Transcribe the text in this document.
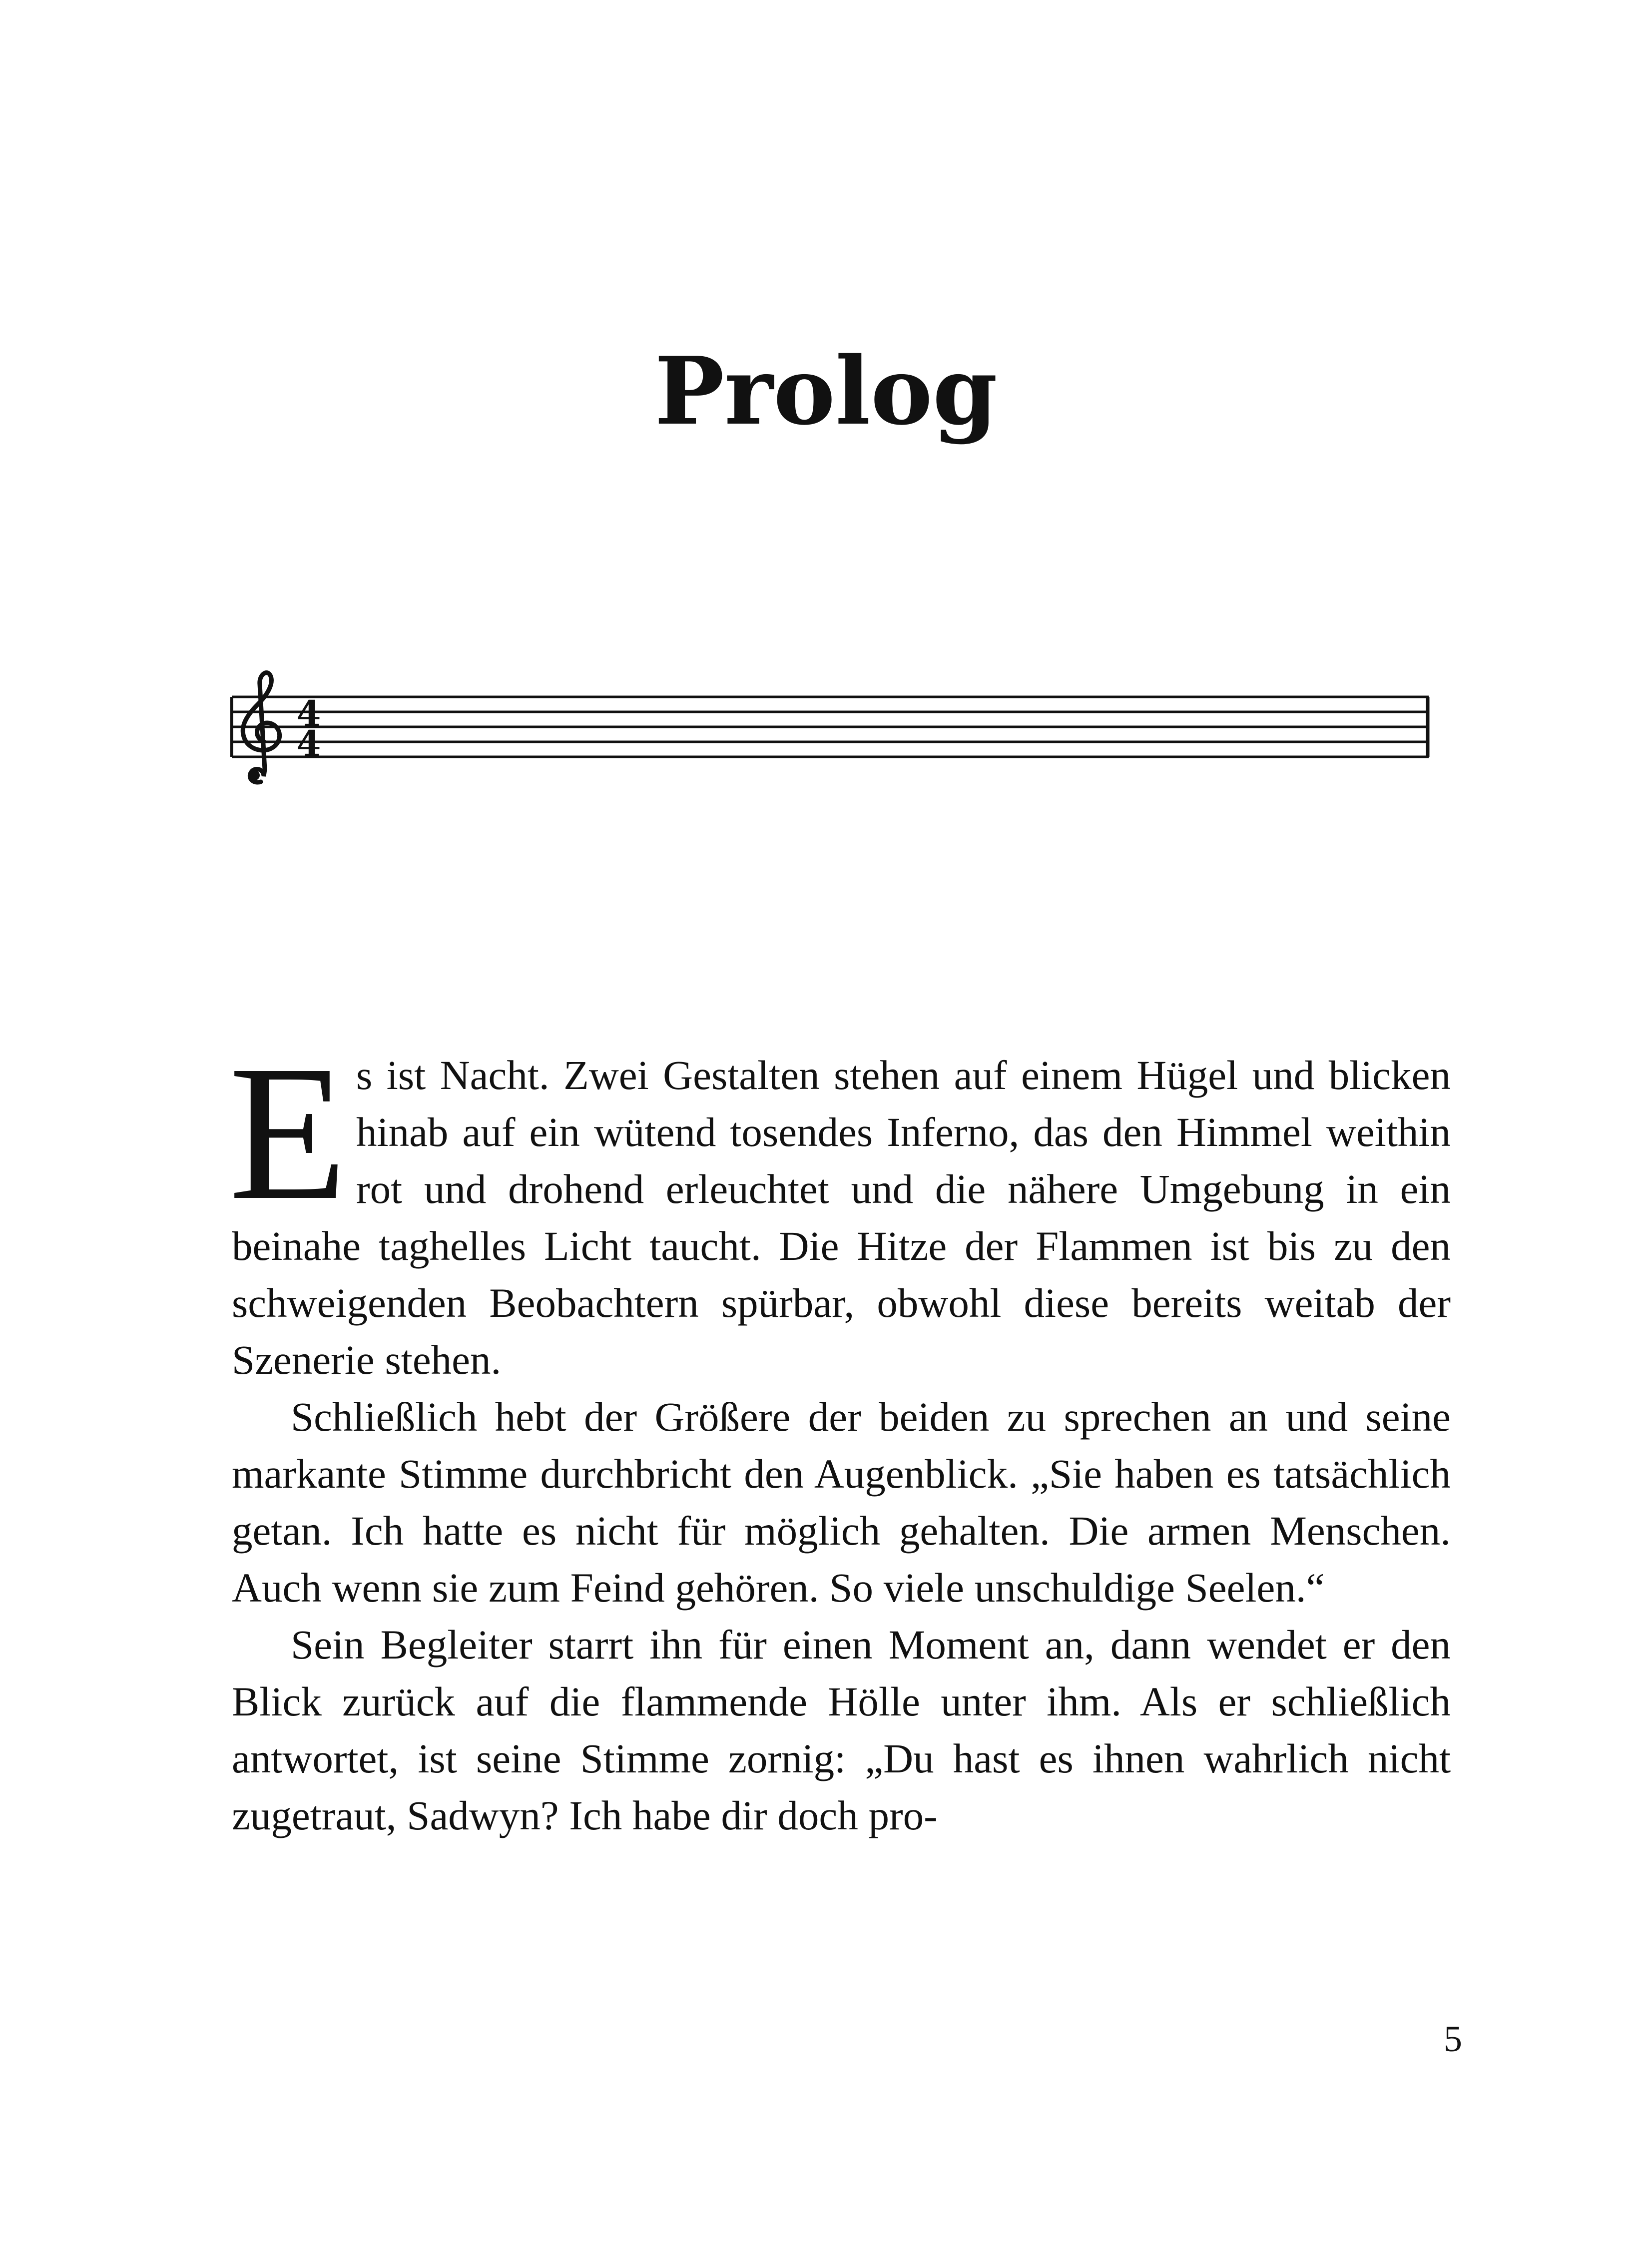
Prolog
4
4

Es ist Nacht. Zwei Gestalten stehen auf einem Hügel und blicken hinab auf ein wütend tosendes Inferno, das den Himmel weithin rot und drohend erleuchtet und die nähere Umgebung in ein beinahe taghelles Licht taucht. Die Hitze der Flammen ist bis zu den schweigenden Beobachtern spürbar, obwohl diese bereits weitab der Szenerie stehen.

Schließlich hebt der Größere der beiden zu sprechen an und seine markante Stimme durchbricht den Augenblick. „Sie haben es tatsächlich getan. Ich hatte es nicht für möglich gehalten. Die armen Menschen. Auch wenn sie zum Feind gehören. So viele unschuldige Seelen.“

Sein Begleiter starrt ihn für einen Moment an, dann wendet er den Blick zurück auf die flammende Hölle unter ihm. Als er schließlich antwortet, ist seine Stimme zornig: „Du hast es ihnen wahrlich nicht zugetraut, Sadwyn? Ich habe dir doch pro-

5
